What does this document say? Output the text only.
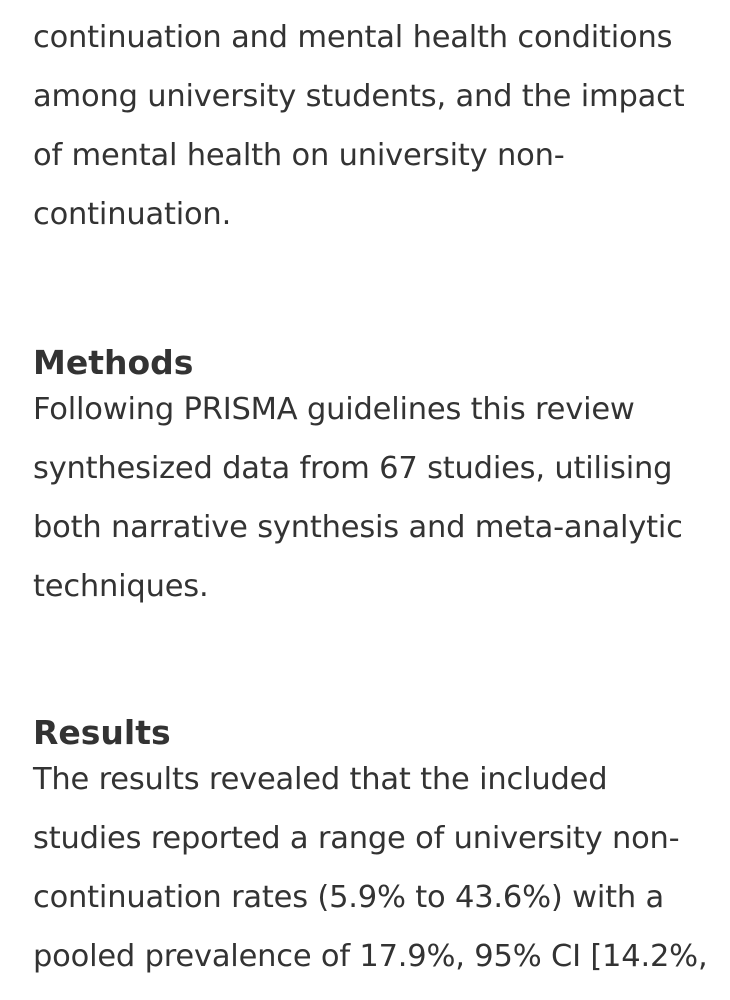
continuation and mental health conditions
among university students, and the impact
of mental health on university non-
continuation.
Methods
Following PRISMA guidelines this review
synthesized data from 67 studies, utilising
both narrative synthesis and meta-analytic
techniques.
Results
The results revealed that the included
studies reported a range of university non-
continuation rates (5.9% to 43.6%) with a
pooled prevalence of 17.9%, 95% CI [14.2%,
